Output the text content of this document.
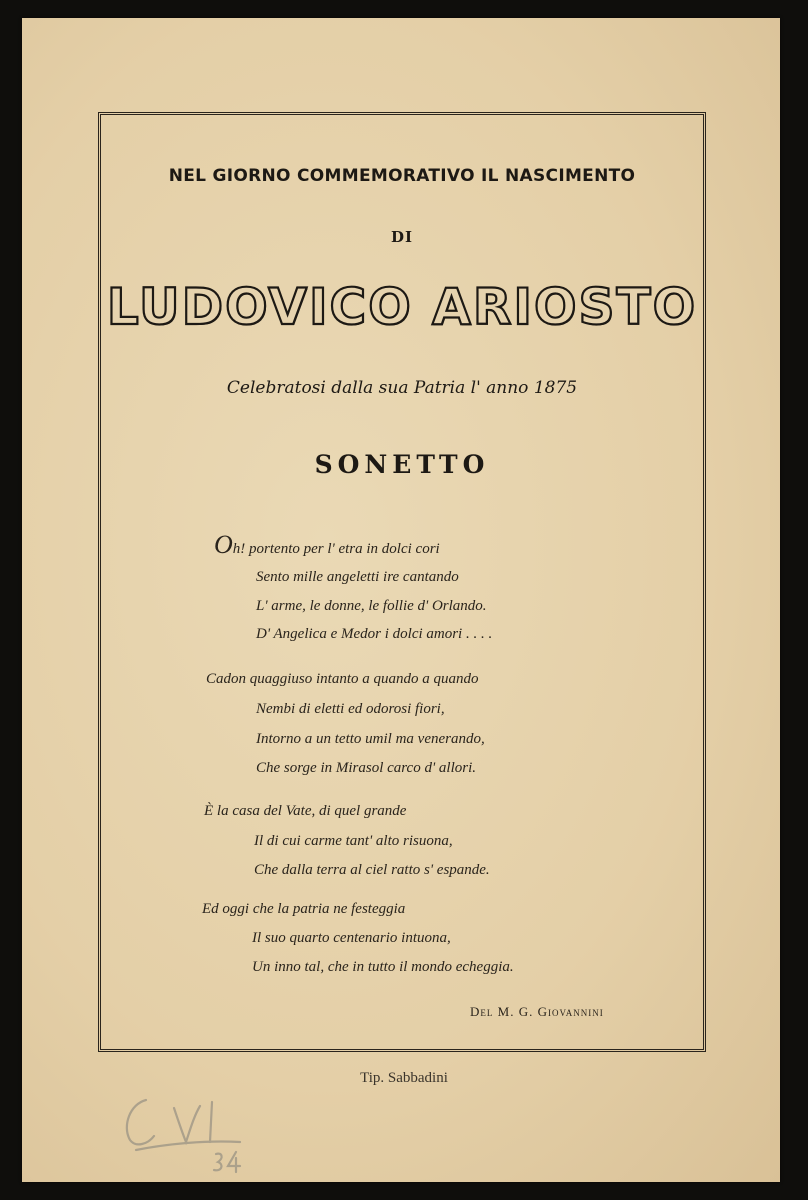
NEL GIORNO COMMEMORATIVO IL NASCIMENTO
DI
LUDOVICO ARIOSTO
Celebratosi dalla sua Patria l' anno 1875
SONETTO
Oh! portento per l' etra in dolci cori
Sento mille angeletti ire cantando
L' arme, le donne, le follie d' Orlando.
D' Angelica e Medor i dolci amori . . . .
Cadon quaggiuso intanto a quando a quando
Nembi di eletti ed odorosi fiori,
Intorno a un tetto umil ma venerando,
Che sorge in Mirasol carco d' allori.
È la casa del Vate, di quel grande
Il di cui carme tant' alto risuona,
Che dalla terra al ciel ratto s' espande.
Ed oggi che la patria ne festeggia
Il suo quarto centenario intuona,
Un inno tal, che in tutto il mondo echeggia.
Del M. G. Giovannini
Tip. Sabbadini
